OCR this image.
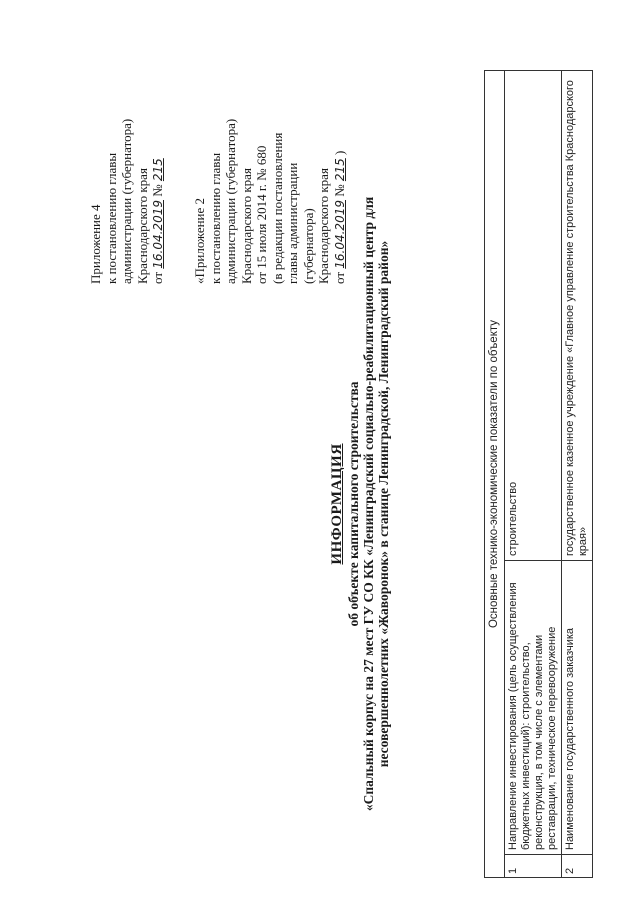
Приложение 4 к постановлению главы администрации (губернатора) Краснодарского края от 16.04.2019 № 215
«Приложение 2 к постановлению главы администрации (губернатора) Краснодарского края от 15 июля 2014 г. № 680 (в редакции постановления главы администрации (губернатора) Краснодарского края от 16.04.2019 № 215 )
ИНФОРМАЦИЯ об объекте капитального строительства «Спальный корпус на 27 мест ГУ СО КК «Ленинградский социально-реабилитационный центр для несовершеннолетних «Жаворонок» в станице Ленинградской, Ленинградский район»	Основные технико-экономические показатели по объекту		
1	Направление инвестирования (цель осуществления бюджетных инвестиций): строительство, реконструкция, в том числе с элементами реставрации, техническое перевооружение	строительство
2	Наименование государственного заказчика	государственное казенное учреждение «Главное управление строительства Краснодарского края»
